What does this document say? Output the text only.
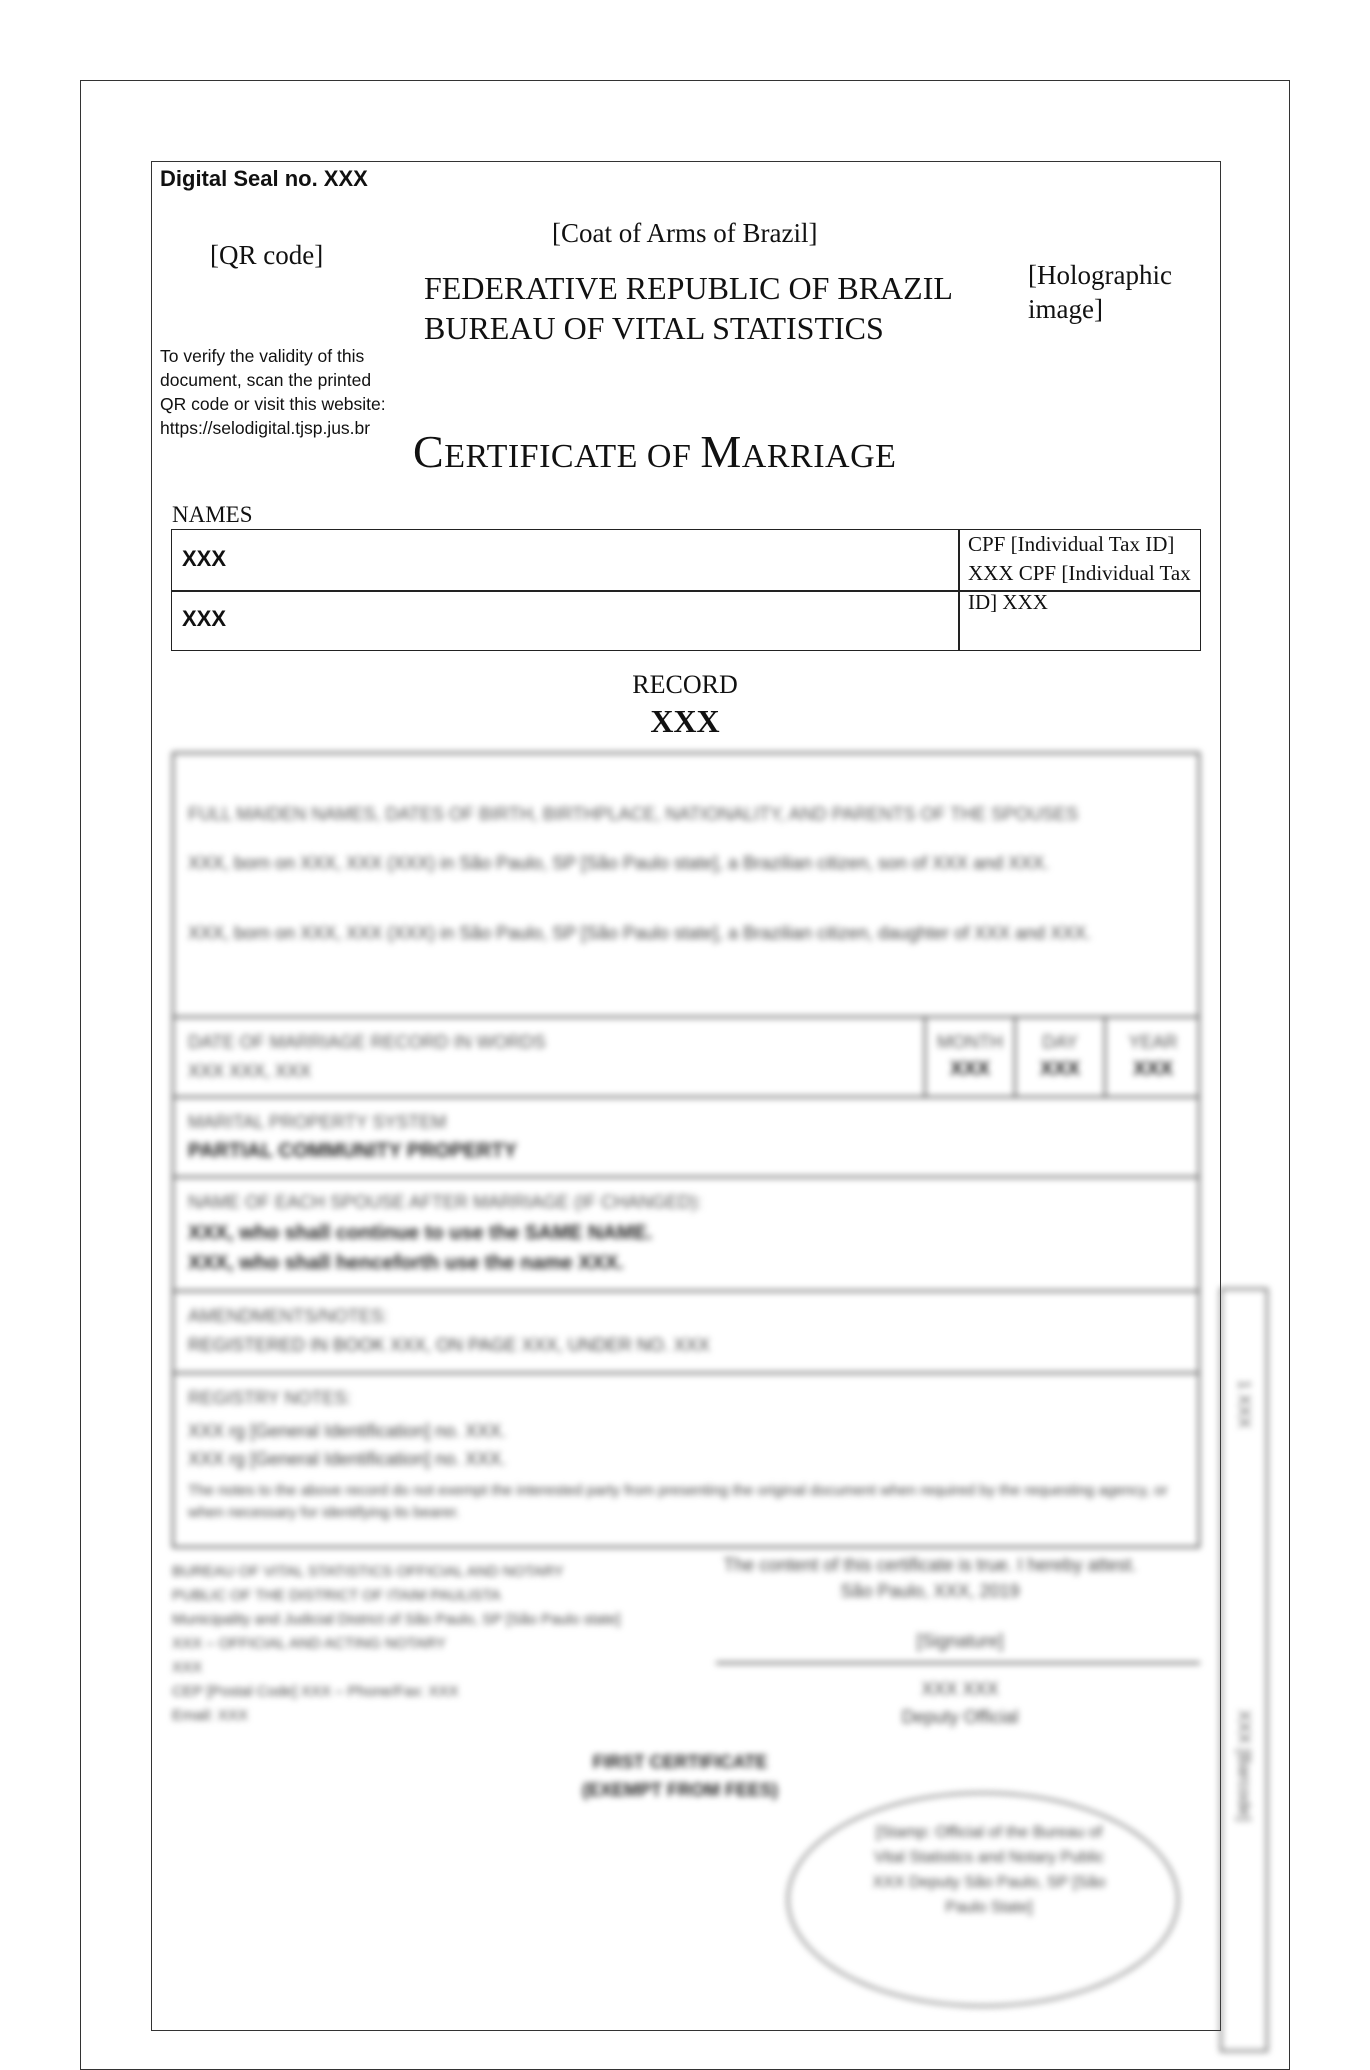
Digital Seal no. XXX
[QR code]
To verify the validity of this document, scan the printed QR code or visit this website: https://selodigital.tjsp.jus.br
[Coat of Arms of Brazil]
FEDERATIVE REPUBLIC OF BRAZIL
BUREAU OF VITAL STATISTICS
[Holographic image]
CERTIFICATE OF MARRIAGE
NAMES
XXX
XXX
CPF [Individual Tax ID] XXX CPF [Individual Tax ID] XXX
RECORD
XXX
FULL MAIDEN NAMES, DATES OF BIRTH, BIRTHPLACE, NATIONALITY, AND PARENTS OF THE SPOUSES
XXX, born on XXX, XXX (XXX) in São Paulo, SP [São Paulo state], a Brazilian citizen, son of XXX and XXX.
XXX, born on XXX, XXX (XXX) in São Paulo, SP [São Paulo state], a Brazilian citizen, daughter of XXX and XXX.
DATE OF MARRIAGE RECORD IN WORDS
XXX XXX, XXX
MONTH
XXX
DAY
XXX
YEAR
XXX
MARITAL PROPERTY SYSTEM
PARTIAL COMMUNITY PROPERTY
NAME OF EACH SPOUSE AFTER MARRIAGE (IF CHANGED):
XXX, who shall continue to use the SAME NAME.
XXX, who shall henceforth use the name XXX.
AMENDMENTS/NOTES:
REGISTERED IN BOOK XXX, ON PAGE XXX, UNDER NO. XXX
REGISTRY NOTES:
XXX rg [General Identification] no. XXX.
XXX rg [General Identification] no. XXX.
The notes to the above record do not exempt the interested party from presenting the original document when required by the requesting agency, or when necessary for identifying its bearer.
BUREAU OF VITAL STATISTICS OFFICIAL AND NOTARY
PUBLIC OF THE DISTRICT OF ITAIM PAULISTA
Municipality and Judicial District of São Paulo, SP [São Paulo state]
XXX – OFFICIAL AND ACTING NOTARY
XXX
CEP [Postal Code] XXX – Phone/Fax: XXX
Email: XXX
The content of this certificate is true. I hereby attest. São Paulo, XXX, 2019
[Signature]
XXX XXX
Deputy Official
FIRST CERTIFICATE
(EXEMPT FROM FEES)
[Stamp: Official of the Bureau of Vital Statistics and Notary Public XXX Deputy São Paulo, SP [São Paulo State]
1 XXX
XXX [Barcode]
